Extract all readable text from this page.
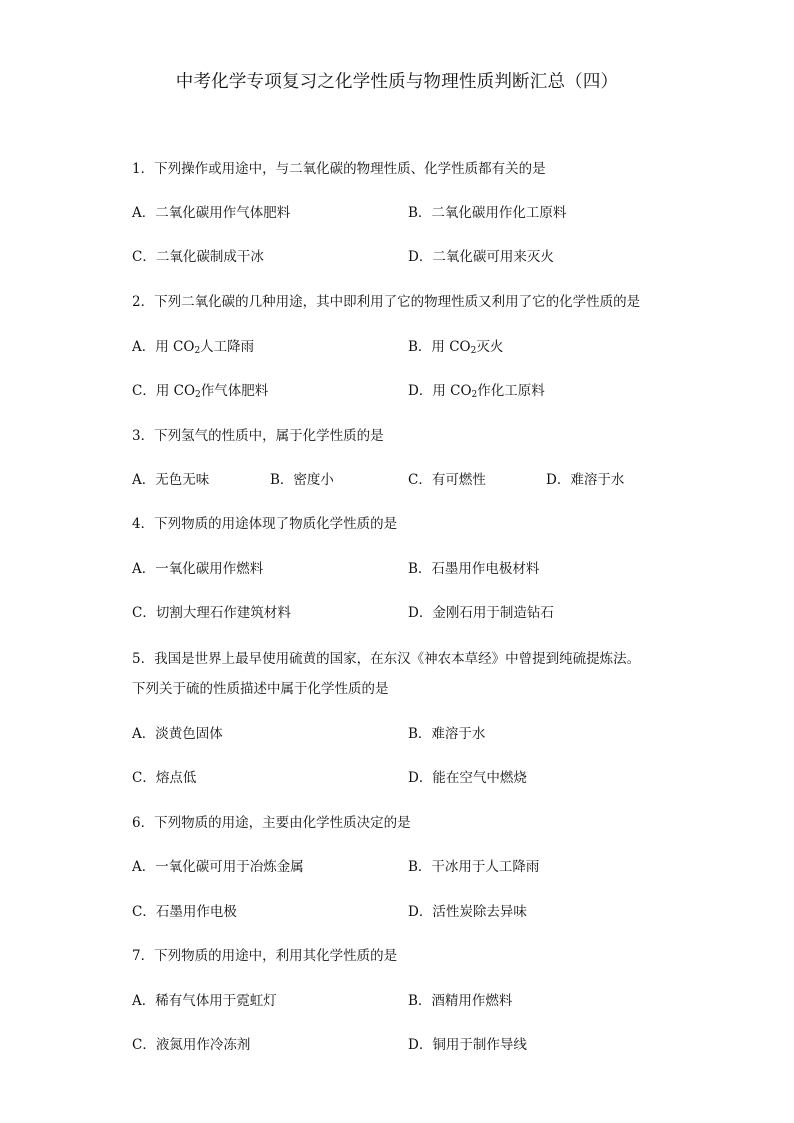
中考化学专项复习之化学性质与物理性质判断汇总（四）
1．下列操作或用途中，与二氧化碳的物理性质、化学性质都有关的是
A．二氧化碳用作气体肥料	B．二氧化碳用作化工原料
C．二氧化碳制成干冰	D．二氧化碳可用来灭火
2．下列二氧化碳的几种用途，其中即利用了它的物理性质又利用了它的化学性质的是
A．用 $CO_2$人工降雨	B．用 $CO_2$灭火
C．用 $CO_2$作气体肥料	D．用 $CO_2$作化工原料
3．下列氢气的性质中，属于化学性质的是
A．无色无味	B．密度小	C．有可燃性	D．难溶于水
4．下列物质的用途体现了物质化学性质的是
A．一氧化碳用作燃料	B．石墨用作电极材料
C．切割大理石作建筑材料	D．金刚石用于制造钻石
5．我国是世界上最早使用硫黄的国家，在东汉《神农本草经》中曾提到纯硫提炼法。
下列关于硫的性质描述中属于化学性质的是
A．淡黄色固体	B．难溶于水
C．熔点低	D．能在空气中燃烧
6．下列物质的用途，主要由化学性质决定的是
A．一氧化碳可用于冶炼金属	B．干冰用于人工降雨
C．石墨用作电极	D．活性炭除去异味
7．下列物质的用途中，利用其化学性质的是
A．稀有气体用于霓虹灯	B．酒精用作燃料
C．液氮用作冷冻剂	D．铜用于制作导线
